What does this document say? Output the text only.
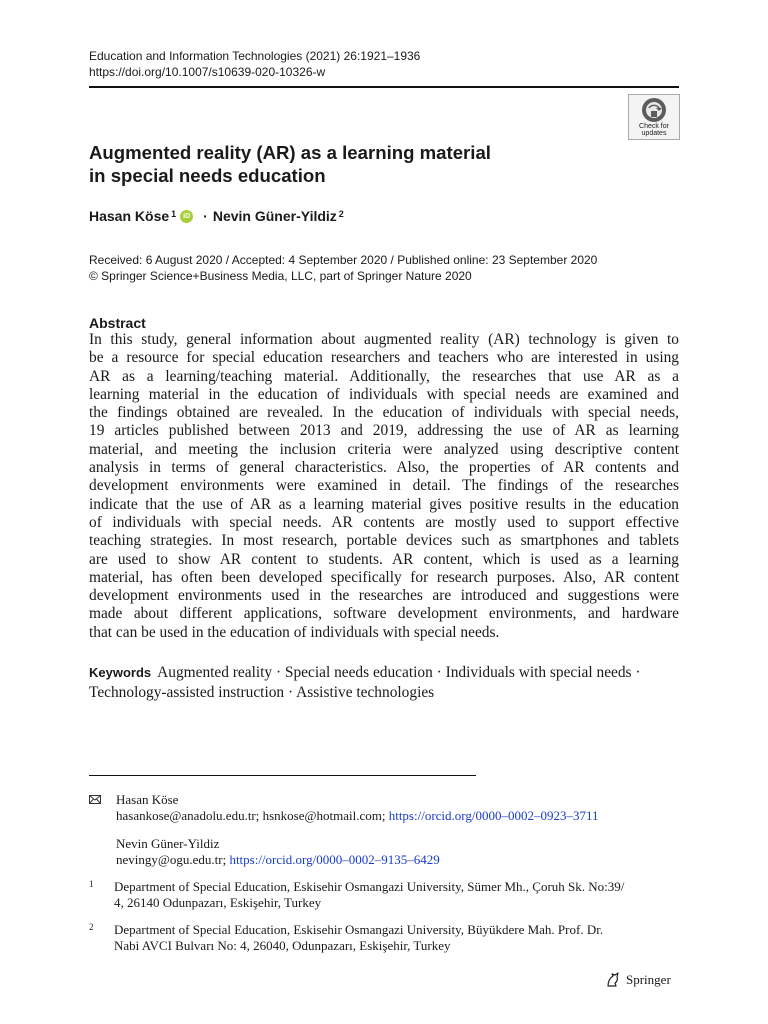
Education and Information Technologies (2021) 26:1921–1936
https://doi.org/10.1007/s10639-020-10326-w
Check for
updates
Augmented reality (AR) as a learning material
in special needs education
Hasan Köse$^1$	iD · Nevin Güner-Yildiz$^2$
Received: 6 August 2020 / Accepted: 4 September 2020 / Published online: 23 September 2020
© Springer Science+Business Media, LLC, part of Springer Nature 2020
Abstract
In this study, general information about augmented reality (AR) technology is given to
be a resource for special education researchers and teachers who are interested in using
AR as a learning/teaching material. Additionally, the researches that use AR as a
learning material in the education of individuals with special needs are examined and
the findings obtained are revealed. In the education of individuals with special needs,
19 articles published between 2013 and 2019, addressing the use of AR as learning
material, and meeting the inclusion criteria were analyzed using descriptive content
analysis in terms of general characteristics. Also, the properties of AR contents and
development environments were examined in detail. The findings of the researches
indicate that the use of AR as a learning material gives positive results in the education
of individuals with special needs. AR contents are mostly used to support effective
teaching strategies. In most research, portable devices such as smartphones and tablets
are used to show AR content to students. AR content, which is used as a learning
material, has often been developed specifically for research purposes. Also, AR content
development environments used in the researches are introduced and suggestions were
made about different applications, software development environments, and hardware
that can be used in the education of individuals with special needs.
Keywords Augmented reality · Special needs education · Individuals with special needs ·
Technology-assisted instruction · Assistive technologies
Hasan Köse
hasankose@anadolu.edu.tr; hsnkose@hotmail.com; https://orcid.org/0000–0002–0923–3711
Nevin Güner-Yildiz
nevingy@ogu.edu.tr; https://orcid.org/0000–0002–9135–6429
1 Department of Special Education, Eskisehir Osmangazi University, Sümer Mh., Çoruh Sk. No:39/
4, 26140 Odunpazarı, Eskişehir, Turkey
2 Department of Special Education, Eskisehir Osmangazi University, Büyükdere Mah. Prof. Dr.
Nabi AVCI Bulvarı No: 4, 26040, Odunpazarı, Eskişehir, Turkey
Springer
